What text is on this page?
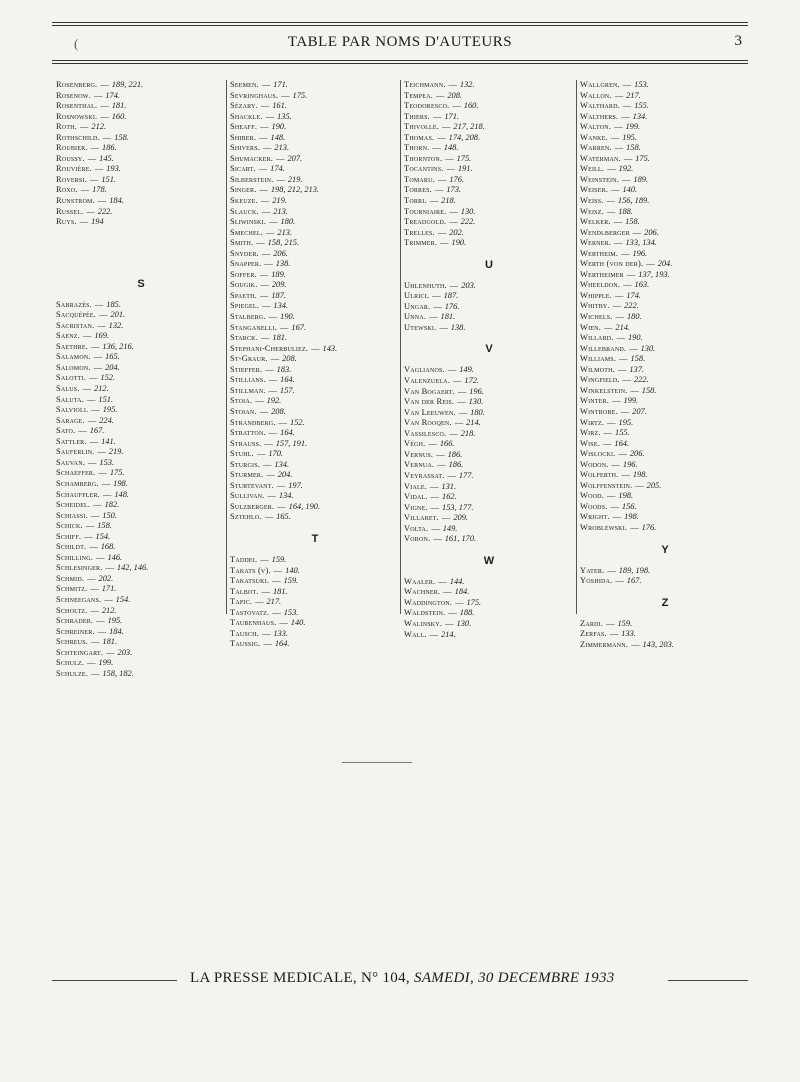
(	TABLE PAR NOMS D'AUTEURS	3
Rosenberg. — 189, 221.
Rosenow. — 174.
Rosenthal. — 181.
Rosnowski. — 160.
Roth. — 212.
Rothschild. — 158.
Roubier. — 186.
Roussy. — 145.
Rouvière. — 193.
Roversi. — 151.
Roxo. — 178.
Runstrom. — 184.
Russel. — 222.
Ruys. — 194
S
Sabrazès. — 185.
Sacquépée. — 201.
Sacristan. — 132.
Saenz. — 169.
Saethre. — 136, 216.
Salamon. — 165.
Salomon. — 204.
Salotti. — 152.
Salus. — 212.
Saluta. — 151.
Salvioli. — 195.
Sarage. — 224.
Sato. — 167.
Sattler. — 141.
Sauferlin. — 219.
Sauvan. — 153.
Schaeffer. — 175.
Schamberg. — 198.
Schauffler. — 148.
Scheidel. — 182.
Schiassi. — 150.
Schick. — 158.
Schiff. — 154.
Schildt. — 168.
Schilling. — 146.
Schlesinger. — 142, 146.
Schmid. — 202.
Schmitz. — 171.
Schneegans. — 154.
Scholtz. — 212.
Schrader. — 195.
Schreiner. — 184.
Schreus. — 181.
Schteingart. — 203.
Schulz. — 199.
Schulze. — 158, 182.
Seemen. — 171.
Sevringhaus. — 175.
Sézary. — 161.
Shackle. — 135.
Sheaff. — 190.
Shiber. — 148.
Shivers. — 213.
Shumacker. — 207.
Sicart. — 174.
Silberstein. — 219.
Singer. — 198, 212, 213.
Skeuze. — 219.
Slauck. — 213.
Sliwinski. — 180.
Smechel. — 213.
Smith. — 158, 215.
Snyder. — 206.
Snapper. — 138.
Soffer. — 189.
Sougik. — 209.
Spaeth. — 187.
Spiegel. — 134.
Stalberg. — 190.
Stanganelli. — 167.
Starck. — 181.
Stephani-Cherbuliez. — 143.
St-Graur. — 208.
Stieffer. — 183.
Stillians. — 164.
Stillman. — 157.
Stoia. — 192.
Stoian. — 208.
Strandberg. — 152.
Stratton. — 164.
Strauss. — 157, 191.
Stuhl. — 170.
Sturgis. — 134.
Sturmer. — 204.
Sturtevant. — 197.
Sullivan. — 134.
Sulzberger. — 164, 190.
Sztehlo. — 165.
T
Taddei. — 159.
Takats (v). — 140.
Takatsuki. — 159.
Talbot. — 181.
Tapic. — 217.
Tastovatz. — 153.
Taubenhaus. — 140.
Tausch. — 133.
Taussig. — 164.
Teichmann. — 132.
Tempea. — 208.
Teodoresco. — 160.
Thiers. — 171.
Thivolle. — 217, 218.
Thomas. — 174, 208.
Thorn. — 148.
Thornton. — 175.
Tocantins. — 191.
Tomaru. — 176.
Torres. — 173.
Torri. — 218.
Tourniaire. — 130.
Treadgold. — 222.
Trelles. — 202.
Trimmer. — 190.
U
Uhlenhuth. — 203.
Ulrici. — 187.
Ungar. — 176.
Unna. — 181.
Utewski. — 138.
V
Vaglianos. — 149.
Valenzuela. — 172.
Van Bogaert. — 196.
Van der Reis. — 130.
Van Leeuwen. — 180.
Van Rooqen. — 214.
Vassilesco. — 218.
Végh. — 166.
Vernus. — 186.
Vernua. — 186.
Veyrassat. — 177.
Viale. — 131.
Vidal. — 162.
Vigne. — 153, 177.
Villaret. — 209.
Volta. — 149.
Voron. — 161, 170.
W
Waaler. — 144.
Wachner. — 184.
Waddington. — 175.
Waldstein. — 188.
Walinsky. — 130.
Wall. — 214.
Wallgren. — 153.
Wallon. — 217.
Walthard. — 155.
Walthers. — 134.
Walton. — 199.
Wanke. — 195.
Warren. — 158.
Waterman. — 175.
Weill. — 192.
Weinstein. — 189.
Weiser. — 140.
Weiss. — 156, 189.
Weisz. — 188.
Welker. — 158.
Wendlberger — 206.
Werner. — 133, 134.
Wertheim. — 196.
Werth (von der). — 204.
Wertheimer — 137, 193.
Wheeldon. — 163.
Whipple. — 174.
Whitby. — 222.
Wichels. — 180.
Wien. — 214.
Willard. — 190.
Willebrand. — 130.
Williams. — 158.
Wilmoth. — 137.
Wingfield. — 222.
Winkelstein. — 158.
Winter. — 199.
Wintrobe. — 207.
Wirtz. — 195.
Wirz. — 155.
Wise. — 164.
Wislocki. — 206.
Wodon. — 196.
Wolferth. — 198.
Wolffenstein. — 205.
Wood. — 198.
Woods. — 156.
Wright. — 198.
Wroblewski. — 176.
Y
Yater. — 189, 198.
Yoshida. — 167.
Z
Zardi. — 159.
Zerfas. — 133.
Zimmermann. — 143, 203.
LA PRESSE MEDICALE, N° 104, SAMEDI, 30 DECEMBRE 1933
